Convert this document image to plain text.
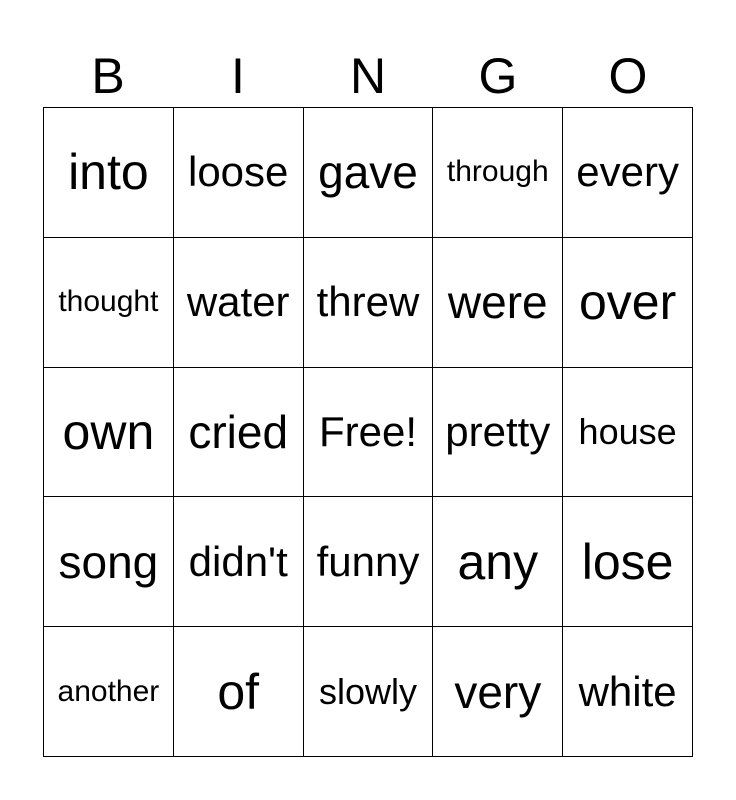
B	I	N	G	O
into loose gave through every
thought water threw were over
own cried Free! pretty house
song didn't funny any lose
another	of	slowly very white
